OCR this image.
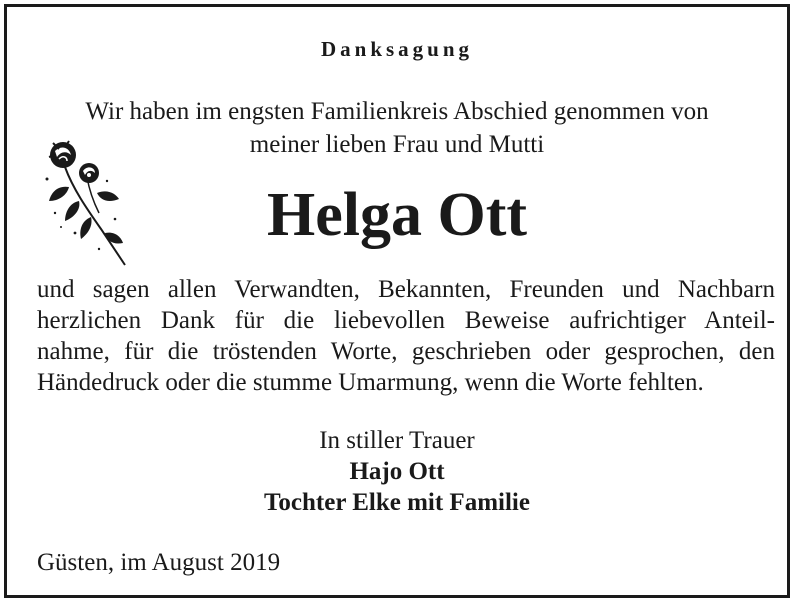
Danksagung
Wir haben im engsten Familienkreis Abschied genommen von
meiner lieben Frau und Mutti
Helga Ott
und sagen allen Verwandten, Bekannten, Freunden und Nachbarn
herzlichen Dank für die liebevollen Beweise aufrichtiger Anteil-
nahme, für die tröstenden Worte, geschrieben oder gesprochen, den
Händedruck oder die stumme Umarmung, wenn die Worte fehlten.
In stiller Trauer
Hajo Ott
Tochter Elke mit Familie
Güsten, im August 2019
